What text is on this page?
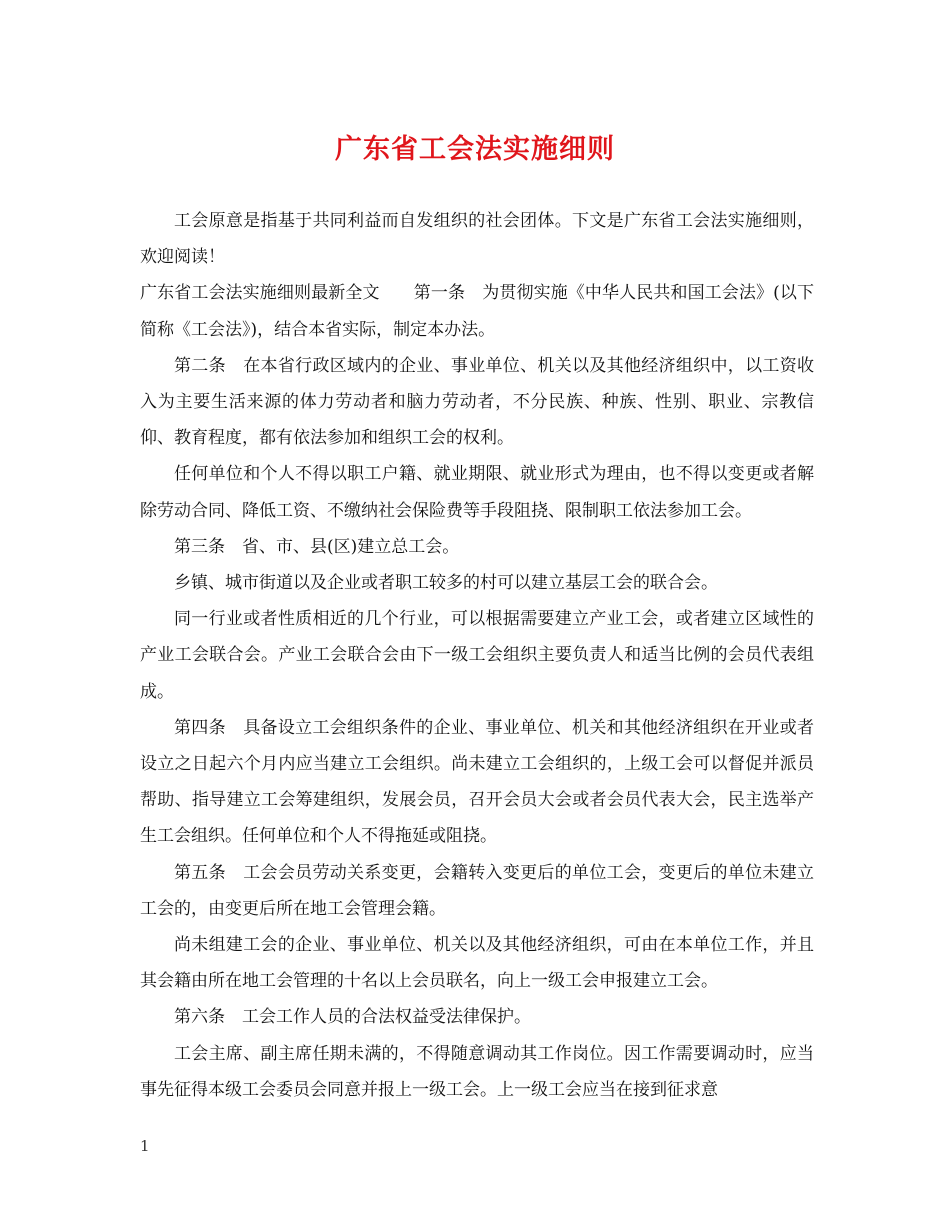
广东省工会法实施细则

工会原意是指基于共同利益而自发组织的社会团体。下文是广东省工会法实施细则，欢迎阅读！

广东省工会法实施细则最新全文　　第一条　为贯彻实施《中华人民共和国工会法》(以下简称《工会法》)，结合本省实际，制定本办法。

第二条　在本省行政区域内的企业、事业单位、机关以及其他经济组织中，以工资收入为主要生活来源的体力劳动者和脑力劳动者，不分民族、种族、性别、职业、宗教信仰、教育程度，都有依法参加和组织工会的权利。

任何单位和个人不得以职工户籍、就业期限、就业形式为理由，也不得以变更或者解除劳动合同、降低工资、不缴纳社会保险费等手段阻挠、限制职工依法参加工会。

第三条　省、市、县(区)建立总工会。

乡镇、城市街道以及企业或者职工较多的村可以建立基层工会的联合会。

同一行业或者性质相近的几个行业，可以根据需要建立产业工会，或者建立区域性的产业工会联合会。产业工会联合会由下一级工会组织主要负责人和适当比例的会员代表组成。

第四条　具备设立工会组织条件的企业、事业单位、机关和其他经济组织在开业或者设立之日起六个月内应当建立工会组织。尚未建立工会组织的，上级工会可以督促并派员帮助、指导建立工会筹建组织，发展会员，召开会员大会或者会员代表大会，民主选举产生工会组织。任何单位和个人不得拖延或阻挠。

第五条　工会会员劳动关系变更，会籍转入变更后的单位工会，变更后的单位未建立工会的，由变更后所在地工会管理会籍。

尚未组建工会的企业、事业单位、机关以及其他经济组织，可由在本单位工作，并且其会籍由所在地工会管理的十名以上会员联名，向上一级工会申报建立工会。

第六条　工会工作人员的合法权益受法律保护。

工会主席、副主席任期未满的，不得随意调动其工作岗位。因工作需要调动时，应当事先征得本级工会委员会同意并报上一级工会。上一级工会应当在接到征求意

1
